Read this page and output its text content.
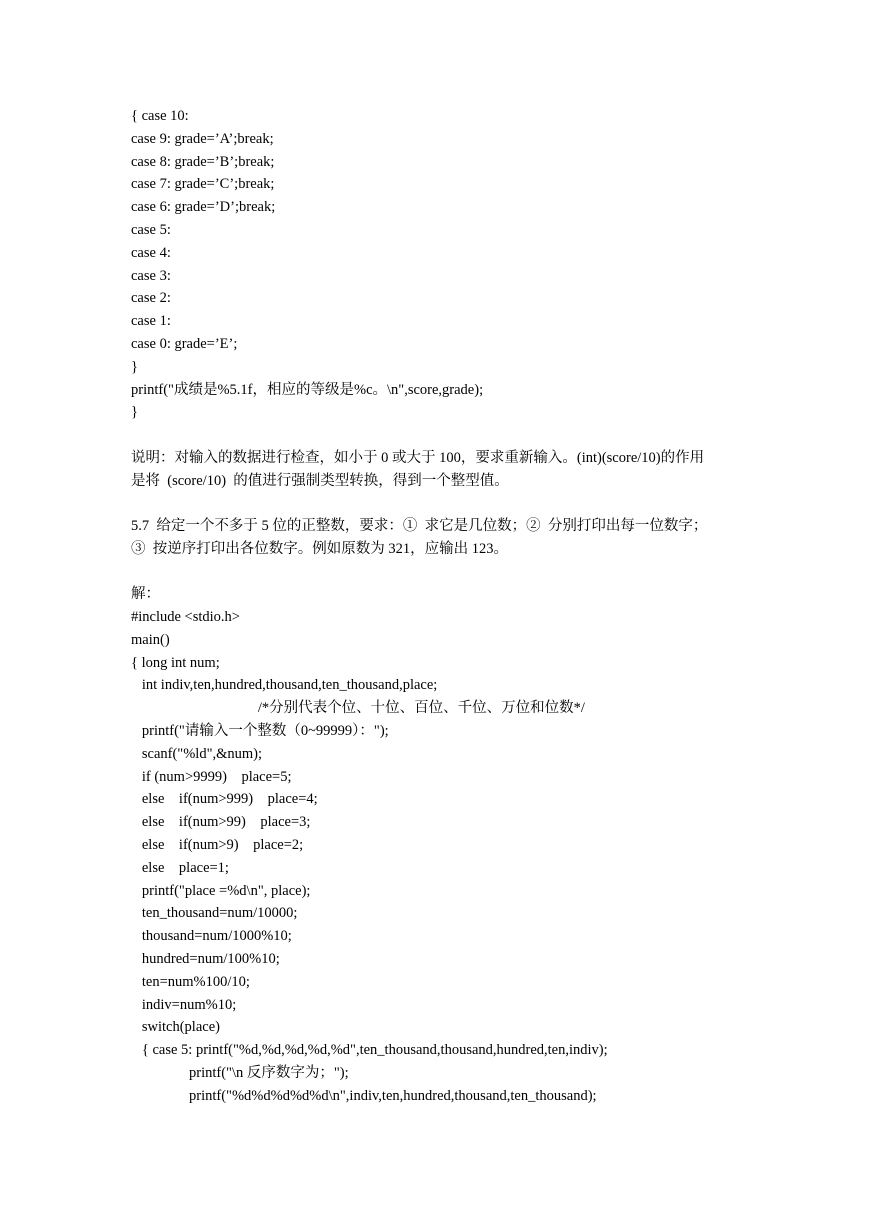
{ case 10:
case 9: grade=’A’;break;
case 8: grade=’B’;break;
case 7: grade=’C’;break;
case 6: grade=’D’;break;
case 5:
case 4:
case 3:
case 2:
case 1:
case 0: grade=’E’;
}
printf("成绩是%5.1f，相应的等级是%c。\n",score,grade);
}
说明：对输入的数据进行检查，如小于 0 或大于 100，要求重新输入。(int)(score/10)的作用
是将  (score/10)  的值进行强制类型转换，得到一个整型值。
5.7  给定一个不多于 5 位的正整数，要求：①  求它是几位数；②  分别打印出每一位数字；
③  按逆序打印出各位数字。例如原数为 321，应输出 123。
解：
#include <stdio.h>
main()
{ long int num;
int indiv,ten,hundred,thousand,ten_thousand,place;
/*分别代表个位、十位、百位、千位、万位和位数*/
printf("请输入一个整数（0~99999）：");
scanf("%ld",&num);
if (num>9999)    place=5;
else    if(num>999)    place=4;
else    if(num>99)    place=3;
else    if(num>9)    place=2;
else    place=1;
printf("place =%d\n", place);
ten_thousand=num/10000;
thousand=num/1000%10;
hundred=num/100%10;
ten=num%100/10;
indiv=num%10;
switch(place)
{ case 5: printf("%d,%d,%d,%d,%d",ten_thousand,thousand,hundred,ten,indiv);
printf("\n 反序数字为；");
printf("%d%d%d%d%d\n",indiv,ten,hundred,thousand,ten_thousand);
